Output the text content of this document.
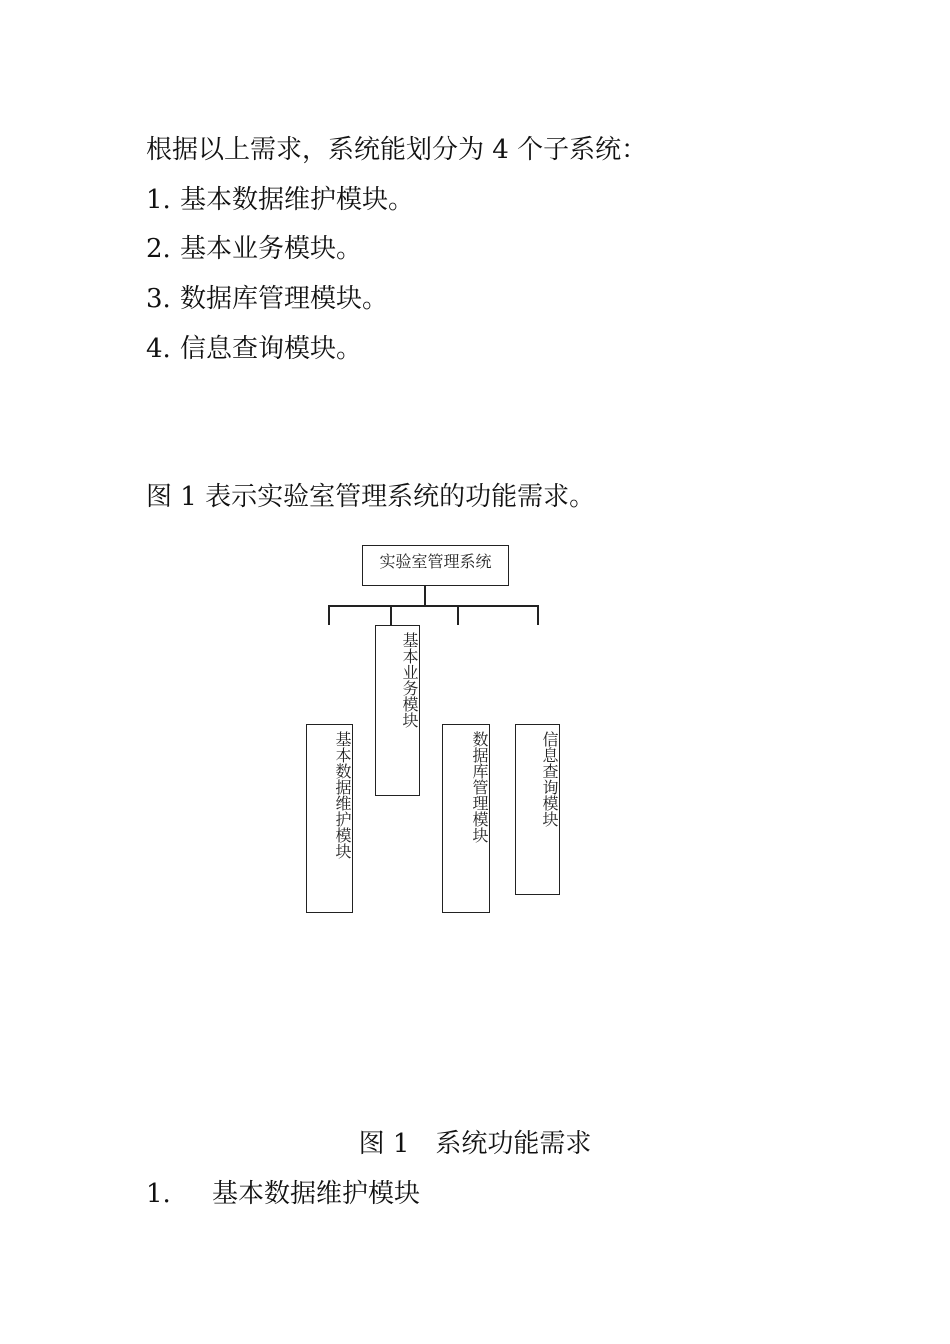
根据以上需求，系统能划分为 4 个子系统：
1. 基本数据维护模块。
2. 基本业务模块。
3. 数据库管理模块。
4. 信息查询模块。
图 1 表示实验室管理系统的功能需求。
实验室管理系统
基本数据维护模块
基本业务模块
数据库管理模块	信息查询模块
图 1　系统功能需求
1. 基本数据维护模块
